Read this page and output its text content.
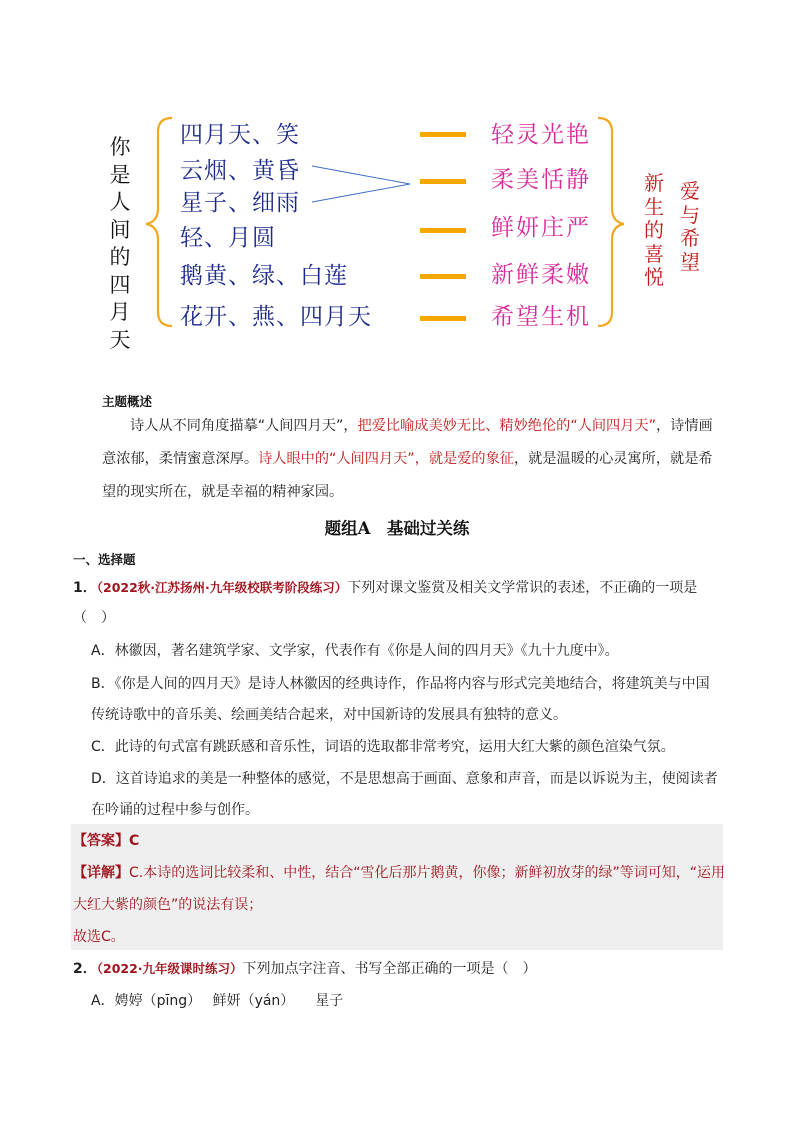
你是人间的四月天
四月天、笑
云烟、黄昏
星子、细雨
轻、月圆
鹅黄、绿、白莲
花开、燕、四月天
轻灵光艳
柔美恬静
鲜妍庄严
新鲜柔嫩
希望生机
新生的喜悦
爱与希望
主题概述
诗人从不同角度描摹“人间四月天”，把爱比喻成美妙无比、精妙绝伦的“人间四月天”，诗情画意浓郁，柔情蜜意深厚。诗人眼中的“人间四月天”，就是爱的象征，就是温暖的心灵寓所，就是希望的现实所在，就是幸福的精神家园。
题组A　基础过关练
一、选择题
1．（2022秋·江苏扬州·九年级校联考阶段练习）下列对课文鉴赏及相关文学常识的表述，不正确的一项是
（　）
A．林徽因，著名建筑学家、文学家，代表作有《你是人间的四月天》《九十九度中》。
B．《你是人间的四月天》是诗人林徽因的经典诗作，作品将内容与形式完美地结合，将建筑美与中国
传统诗歌中的音乐美、绘画美结合起来，对中国新诗的发展具有独特的意义。
C．此诗的句式富有跳跃感和音乐性，词语的选取都非常考究，运用大红大紫的颜色渲染气氛。
D．这首诗追求的美是一种整体的感觉，不是思想高于画面、意象和声音，而是以诉说为主，使阅读者
在吟诵的过程中参与创作。
【答案】C
【详解】C.本诗的选词比较柔和、中性，结合“雪化后那片鹅黄，你像；新鲜初放芽的绿”等词可知，“运用
大红大紫的颜色”的说法有误；
故选C。
2．（2022·九年级课时练习）下列加点字注音、书写全部正确的一项是（　）
A．娉婷（pīng）　 鲜妍（yán）　　星子
